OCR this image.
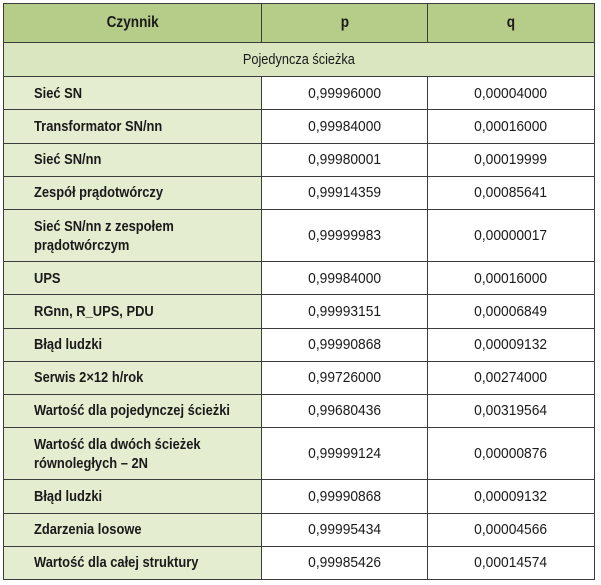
Czynnik	p	q
Pojedyncza ścieżka		
Sieć SN	0,99996000	0,00004000
Transformator SN/nn	0,99984000	0,00016000
Sieć SN/nn	0,99980001	0,00019999
Zespół prądotwórczy	0,99914359	0,00085641
Sieć SN/nn z zespołem prądotwórczym	0,99999983	0,00000017
UPS	0,99984000	0,00016000
RGnn, R_UPS, PDU	0,99993151	0,00006849
Błąd ludzki	0,99990868	0,00009132
Serwis 2×12 h/rok	0,99726000	0,00274000
Wartość dla pojedynczej ścieżki	0,99680436	0,00319564
Wartość dla dwóch ścieżek równoległych – 2N	0,99999124	0,00000876
Błąd ludzki	0,99990868	0,00009132
Zdarzenia losowe	0,99995434	0,00004566
Wartość dla całej struktury	0,99985426	0,00014574
